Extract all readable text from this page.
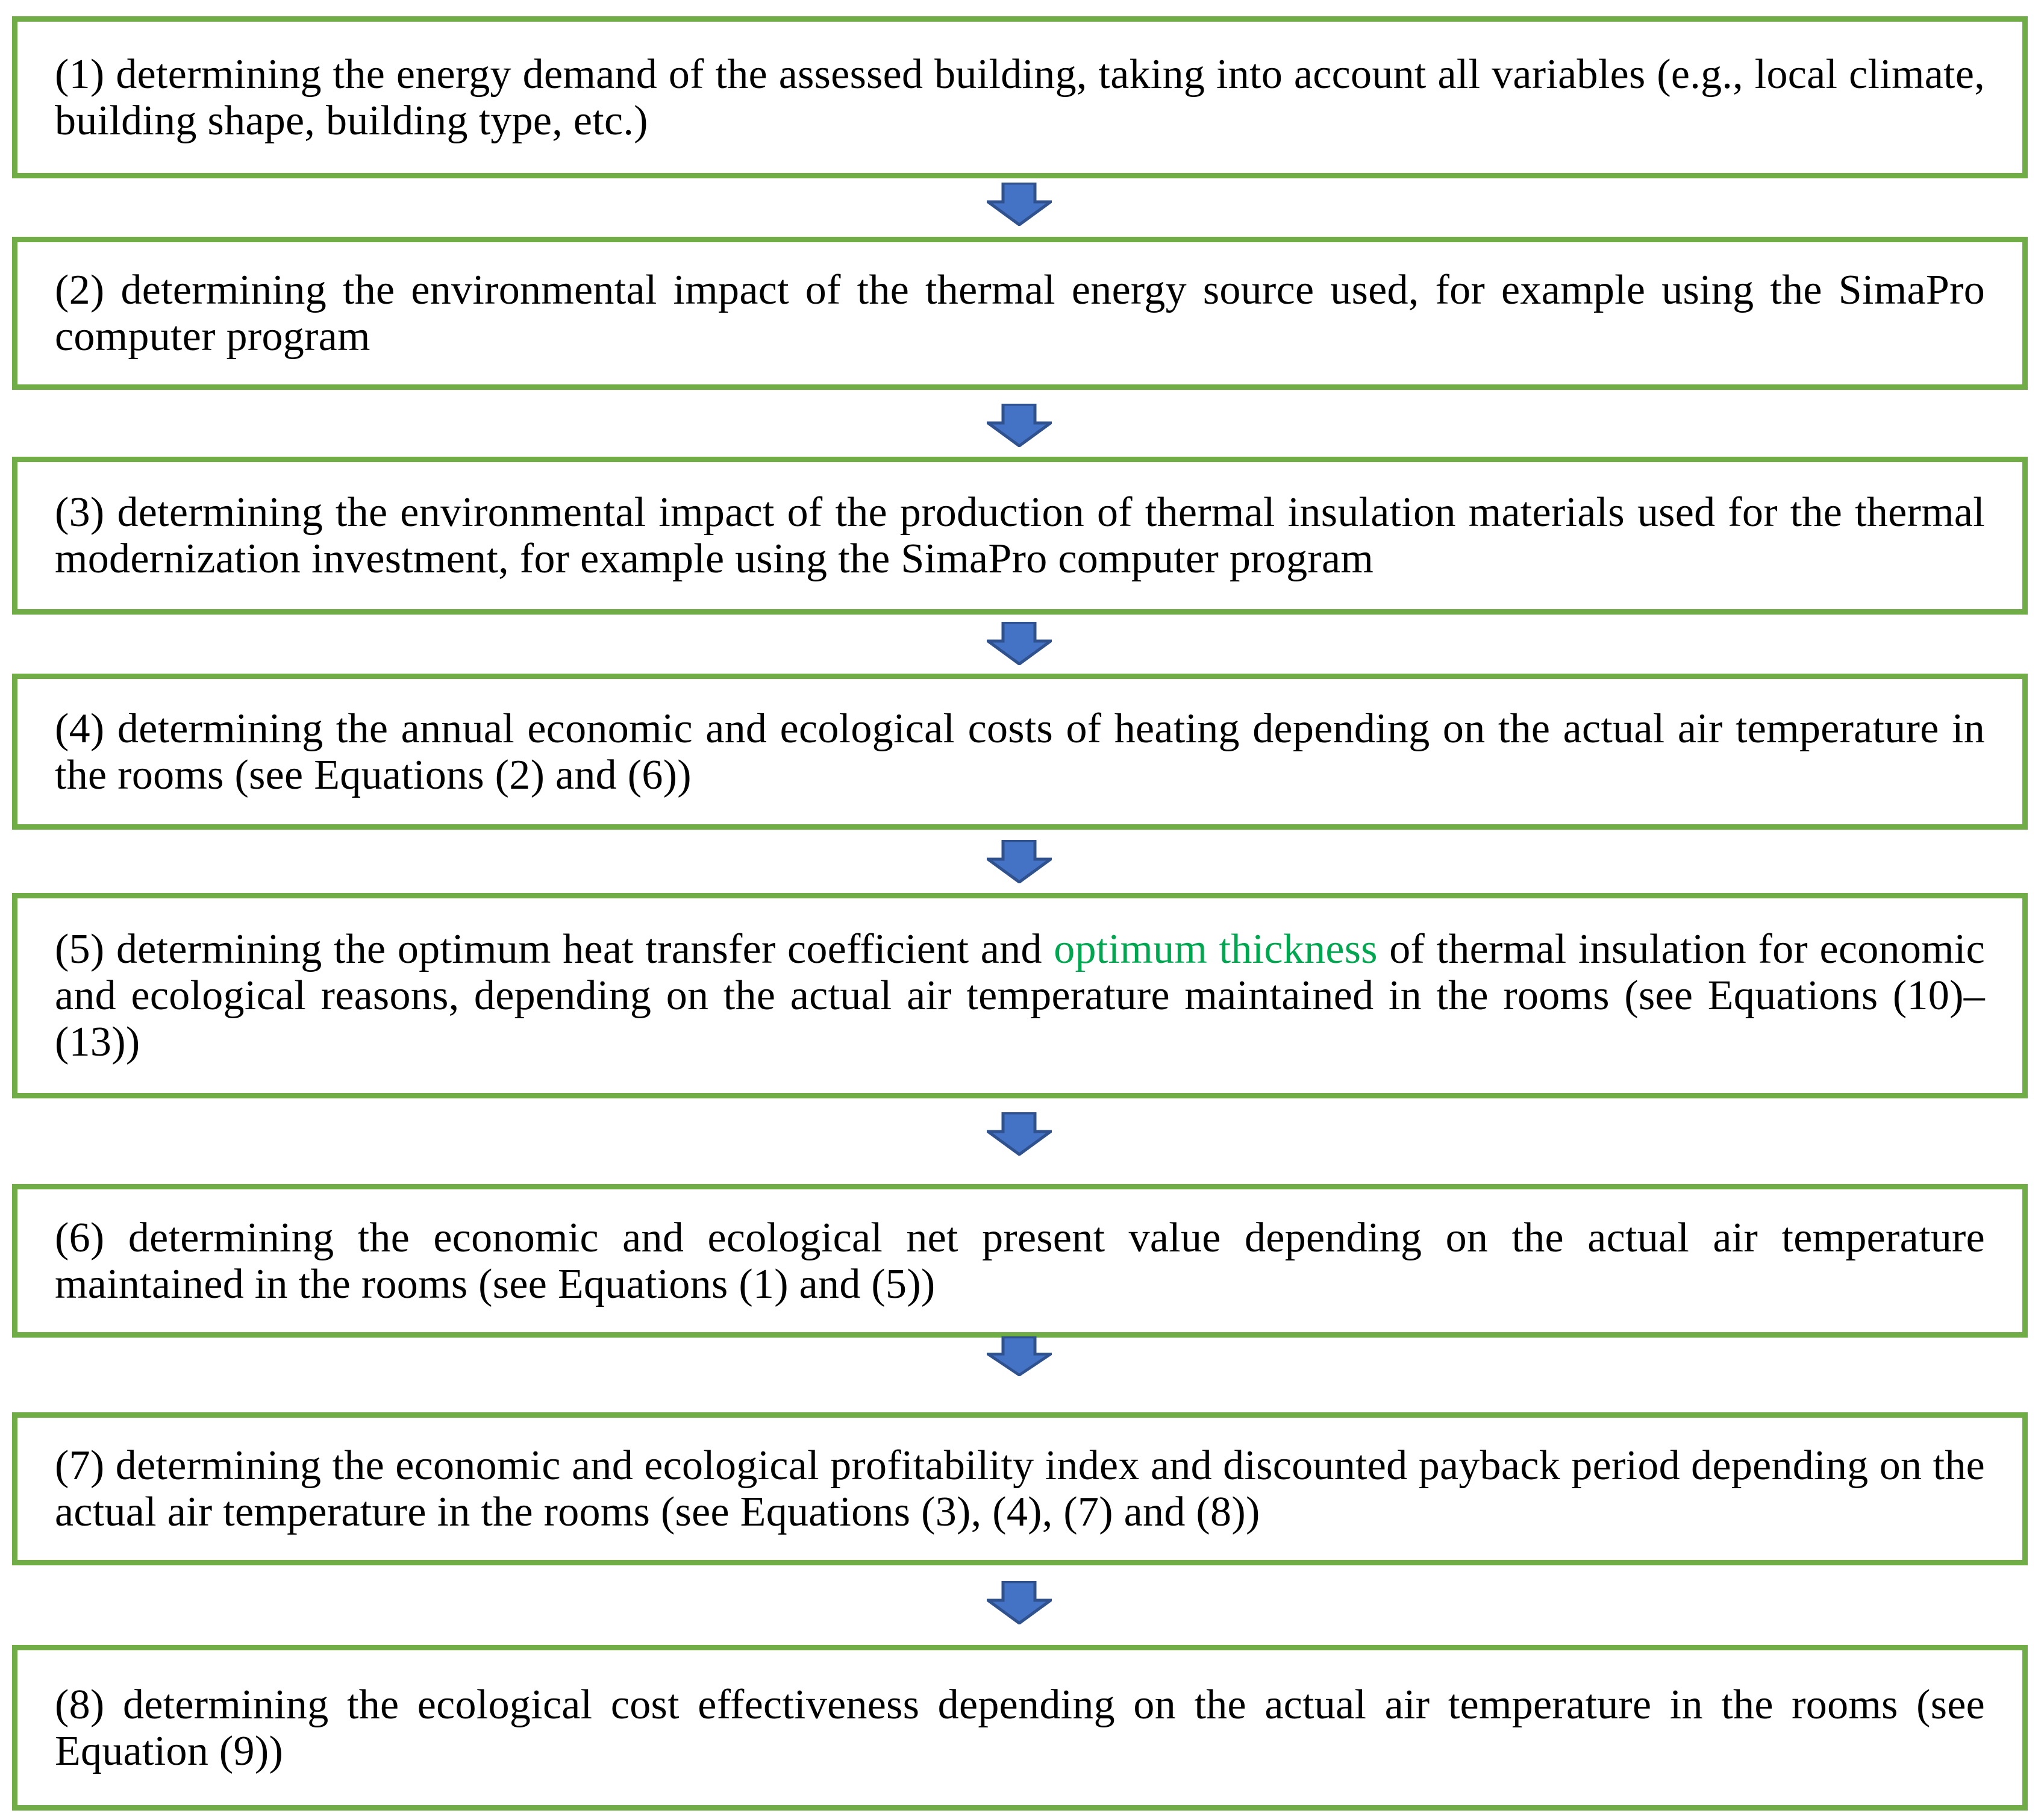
(1) determining the energy demand of the assessed building, taking into account all variables (e.g., local climate, building shape, building type, etc.)
(2) determining the environmental impact of the thermal energy source used, for example using the SimaPro computer program
(3) determining the environmental impact of the production of thermal insulation materials used for the thermal modernization investment, for example using the SimaPro computer program
(4) determining the annual economic and ecological costs of heating depending on the actual air temperature in the rooms (see Equations (2) and (6))
(5) determining the optimum heat transfer coefficient and optimum thickness of thermal insulation for economic and ecological reasons, depending on the actual air temperature maintained in the rooms (see Equations (10)–(13))
(6) determining the economic and ecological net present value depending on the actual air temperature maintained in the rooms (see Equations (1) and (5))
(7) determining the economic and ecological profitability index and discounted payback period depending on the actual air temperature in the rooms (see Equations (3), (4), (7) and (8))
(8) determining the ecological cost effectiveness depending on the actual air temperature in the rooms (see Equation (9))
